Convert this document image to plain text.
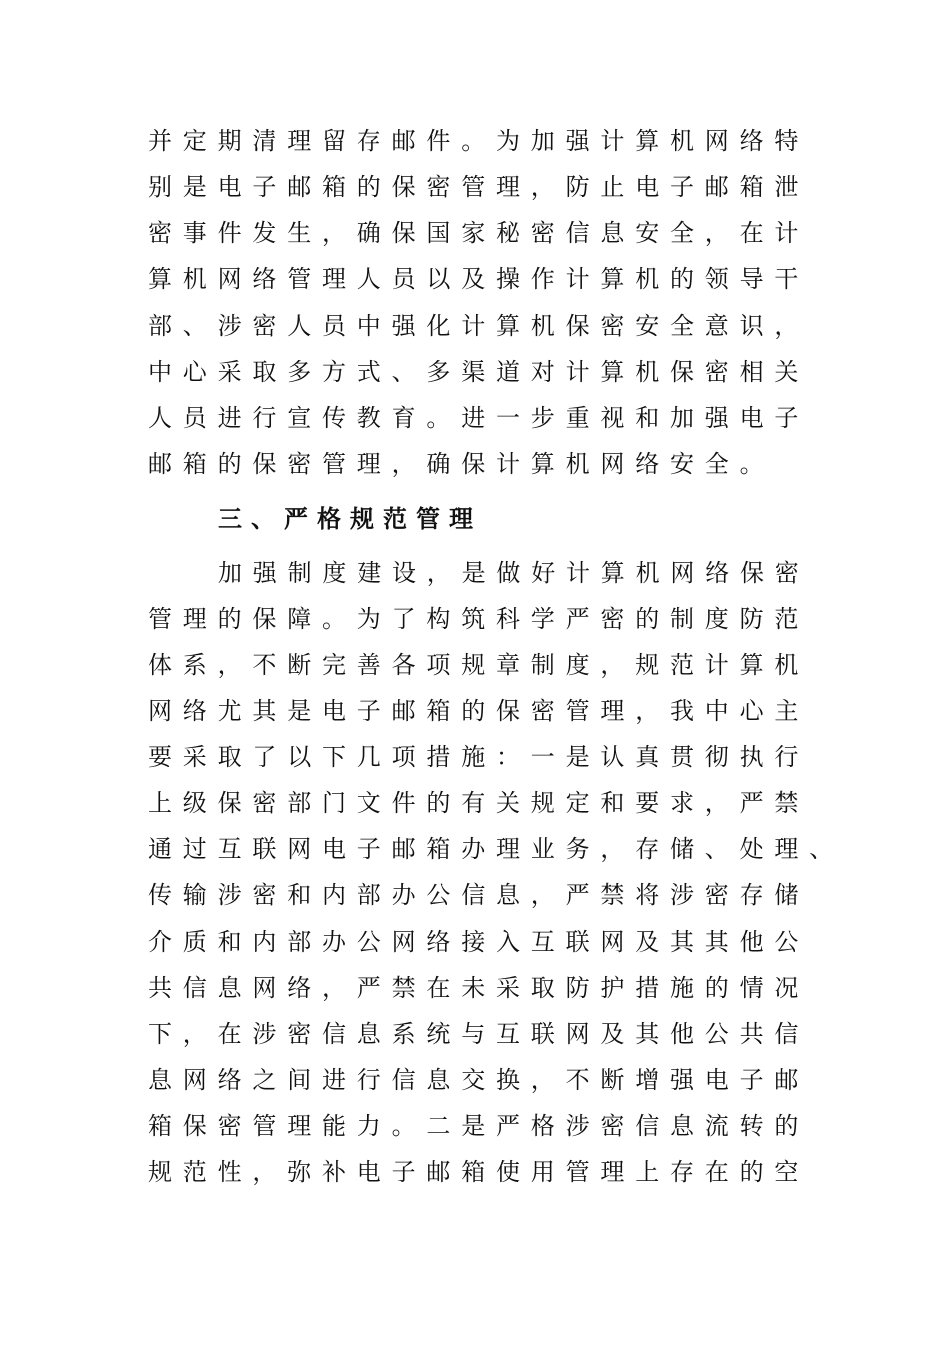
并定期清理留存邮件。为加强计算机网络特
别是电子邮箱的保密管理，防止电子邮箱泄
密事件发生，确保国家秘密信息安全，在计
算机网络管理人员以及操作计算机的领导干
部、涉密人员中强化计算机保密安全意识，
中心采取多方式、多渠道对计算机保密相关
人员进行宣传教育。进一步重视和加强电子
邮箱的保密管理，确保计算机网络安全。
三、严格规范管理
加强制度建设，是做好计算机网络保密
管理的保障。为了构筑科学严密的制度防范
体系，不断完善各项规章制度，规范计算机
网络尤其是电子邮箱的保密管理，我中心主
要采取了以下几项措施：一是认真贯彻执行
上级保密部门文件的有关规定和要求，严禁
通过互联网电子邮箱办理业务，存储、处理、
传输涉密和内部办公信息，严禁将涉密存储
介质和内部办公网络接入互联网及其其他公
共信息网络，严禁在未采取防护措施的情况
下，在涉密信息系统与互联网及其他公共信
息网络之间进行信息交换，不断增强电子邮
箱保密管理能力。二是严格涉密信息流转的
规范性，弥补电子邮箱使用管理上存在的空
